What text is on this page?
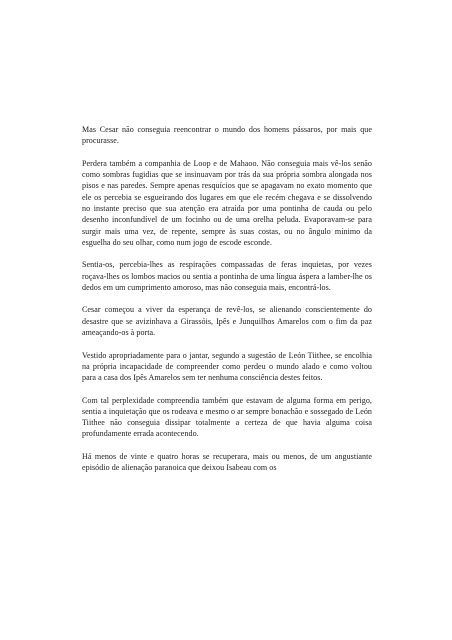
Mas Cesar não conseguia reencontrar o mundo dos homens pássaros, por mais que procurasse.

Perdera também a companhia de Loop e de Mahaoo. Não conseguia mais vê-los senão como sombras fugidias que se insinuavam por trás da sua própria sombra alongada nos pisos e nas paredes. Sempre apenas resquícios que se apagavam no exato momento que ele os percebia se esgueirando dos lugares em que ele recém chegava e se dissolvendo no instante preciso que sua atenção era atraída por uma pontinha de cauda ou pelo desenho inconfundível de um focinho ou de uma orelha peluda. Evaporavam-se para surgir mais uma vez, de repente, sempre às suas costas, ou no ângulo mínimo da esguelha do seu olhar, como num jogo de escode esconde.

Sentia-os, percebia-lhes as respirações compassadas de feras inquietas, por vezes roçava-lhes os lombos macios ou sentia a pontinha de uma língua áspera a lamber-lhe os dedos em um cumprimento amoroso, mas não conseguia mais, encontrá-los.

Cesar começou a viver da esperança de revê-los, se alienando conscientemente do desastre que se avizinhava a Girassóis, Ipês e Junquilhos Amarelos com o fim da paz ameaçando-os à porta.

Vestido apropriadamente para o jantar, segundo a sugestão de León Tiithee, se encolhia na própria incapacidade de compreender como perdeu o mundo alado e como voltou para a casa dos Ipês Amarelos sem ter nenhuma consciência destes feitos.

Com tal perplexidade compreendia também que estavam de alguma forma em perigo, sentia a inquietação que os rodeava e mesmo o ar sempre bonachão e sossegado de León Tiithee não conseguia dissipar totalmente a certeza de que havia alguma coisa profundamente errada acontecendo.

Há menos de vinte e quatro horas se recuperara, mais ou menos, de um angustiante episódio de alienação paranoica que deixou Isabeau com os
